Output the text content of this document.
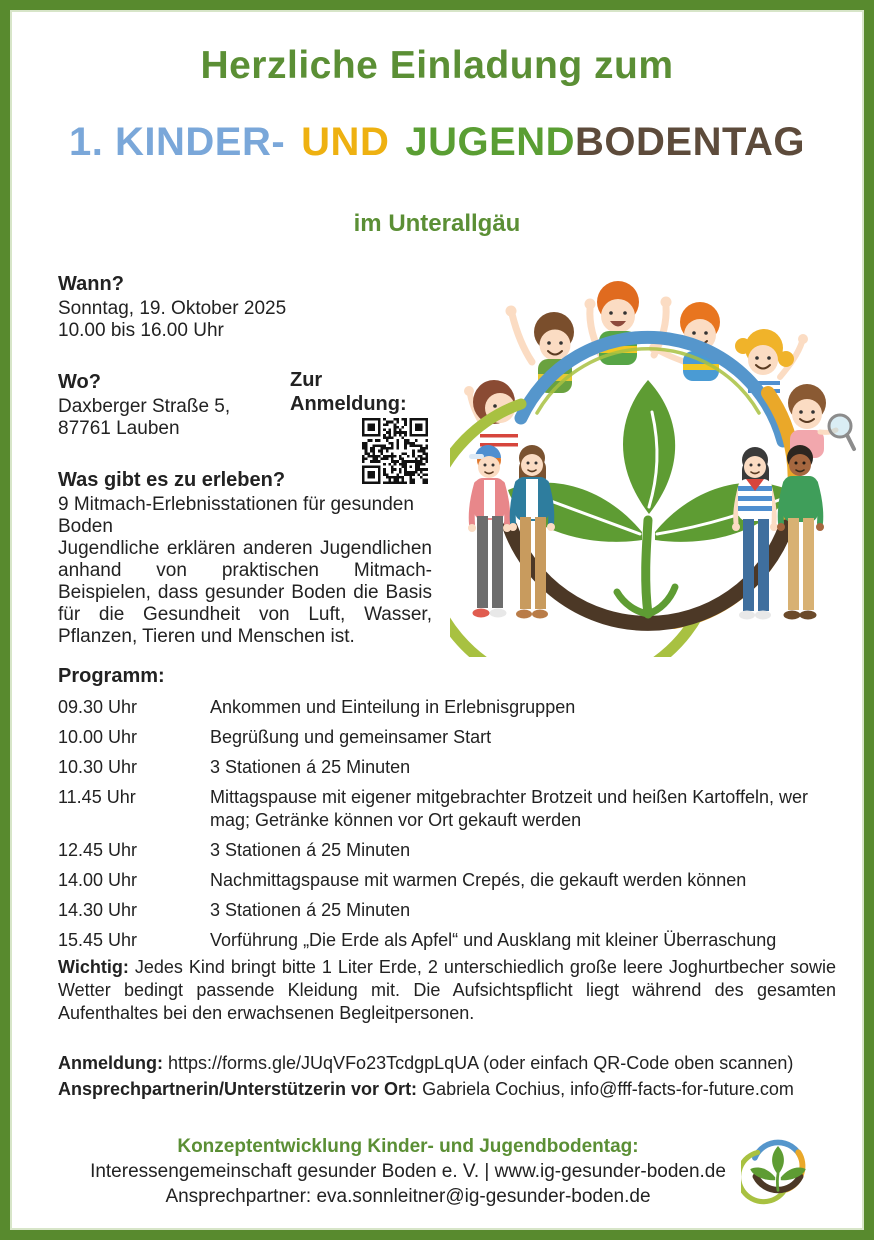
Herzliche Einladung zum
1. KINDER- UND JUGENDBODENTAG
im Unterallgäu
Wann?

Sonntag, 19. Oktober 2025

10.00 bis 16.00 Uhr

Wo?

Daxberger Straße 5,

87761 Lauben

Was gibt es zu erleben?

9 Mitmach-Erlebnisstationen für gesunden Boden

Jugendliche erklären anderen Jugendlichen anhand von praktischen Mitmach-Beispielen, dass gesunder Boden die Basis für die Gesundheit von Luft, Wasser, Pflanzen, Tieren und Menschen ist.

Zur Anmeldung:
Programm:
09.30 Uhr	Ankommen und Einteilung in Erlebnisgruppen
10.00 Uhr	Begrüßung und gemeinsamer Start
10.30 Uhr	3 Stationen á 25 Minuten
11.45 Uhr	Mittagspause mit eigener mitgebrachter Brotzeit und heißen Kartoffeln, wer mag; Getränke können vor Ort gekauft werden
12.45 Uhr	3 Stationen á 25 Minuten
14.00 Uhr	Nachmittagspause mit warmen Crepés, die gekauft werden können
14.30 Uhr	3 Stationen á 25 Minuten
15.45 Uhr	Vorführung „Die Erde als Apfel“ und Ausklang mit kleiner Überraschung
Wichtig: Jedes Kind bringt bitte 1 Liter Erde, 2 unterschiedlich große leere Joghurtbecher sowie Wetter bedingt passende Kleidung mit. Die Aufsichtspflicht liegt während des gesamten Aufenthaltes bei den erwachsenen Begleitpersonen.
Anmeldung: https://forms.gle/JUqVFo23TcdgpLqUA (oder einfach QR-Code oben scannen)
Ansprechpartnerin/Unterstützerin vor Ort: Gabriela Cochius, info@fff-facts-for-future.com
Konzeptentwicklung Kinder- und Jugendbodentag:
Interessengemeinschaft gesunder Boden e. V. | www.ig-gesunder-boden.de
Ansprechpartner: eva.sonnleitner@ig-gesunder-boden.de
